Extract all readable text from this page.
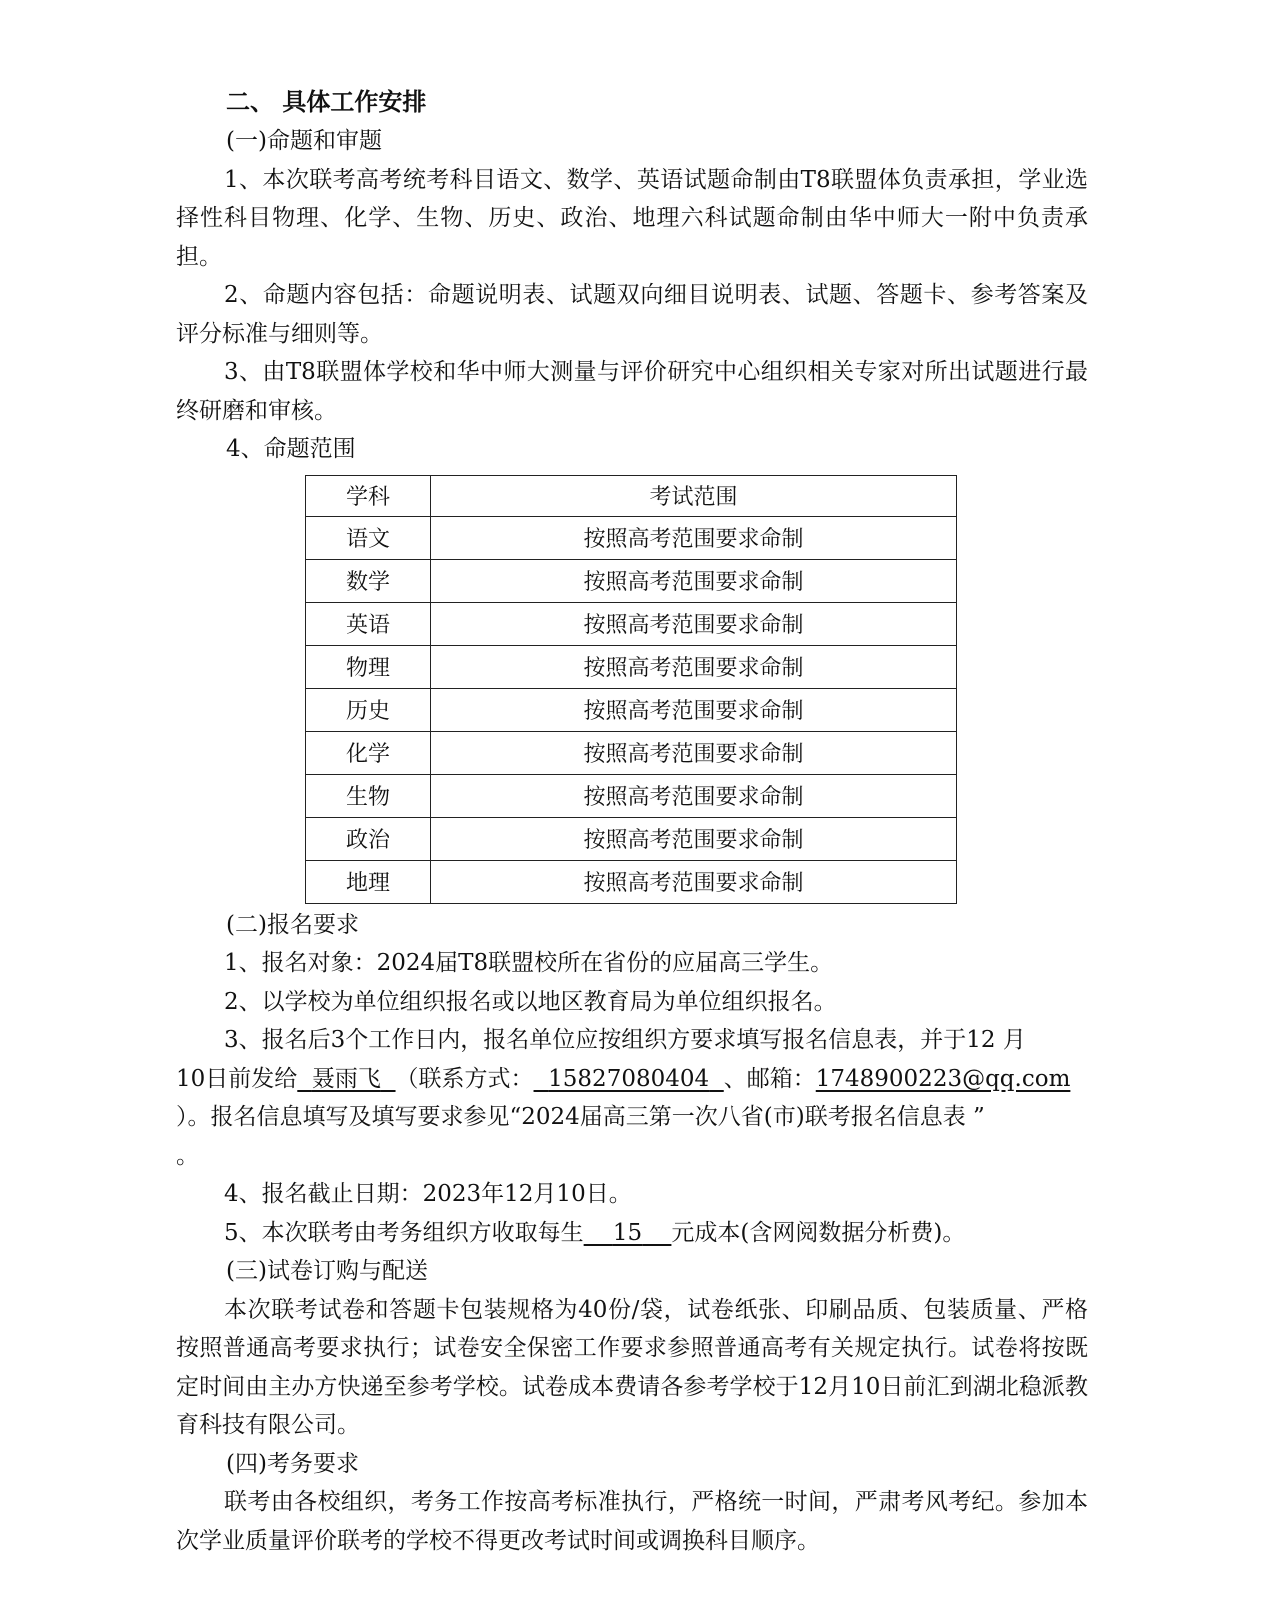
二、 具体工作安排
(一)命题和审题
1、本次联考高考统考科目语文、数学、英语试题命制由T8联盟体负责承担，学业选择性科目物理、化学、生物、历史、政治、地理六科试题命制由华中师大一附中负责承担。
2、命题内容包括：命题说明表、试题双向细目说明表、试题、答题卡、参考答案及评分标准与细则等。
3、由T8联盟体学校和华中师大测量与评价研究中心组织相关专家对所出试题进行最终研磨和审核。
4、命题范围
学科	考试范围
语文	按照高考范围要求命制
数学	按照高考范围要求命制
英语	按照高考范围要求命制
物理	按照高考范围要求命制
历史	按照高考范围要求命制
化学	按照高考范围要求命制
生物	按照高考范围要求命制
政治	按照高考范围要求命制
地理	按照高考范围要求命制
(二)报名要求
1、报名对象：2024届T8联盟校所在省份的应届高三学生。
2、以学校为单位组织报名或以地区教育局为单位组织报名。
3、报名后3个工作日内，报名单位应按组织方要求填写报名信息表，并于12 月
10日前发给 聂雨飞 （联系方式： 15827080404 、邮箱：1748900223@qq.com
）。报名信息填写及填写要求参见“2024届高三第一次八省(市)联考报名信息表 ”
。
4、报名截止日期：2023年12月10日。
5、本次联考由考务组织方收取每生 15 元成本(含网阅数据分析费)。
(三)试卷订购与配送
本次联考试卷和答题卡包装规格为40份/袋，试卷纸张、印刷品质、包装质量、严格按照普通高考要求执行；试卷安全保密工作要求参照普通高考有关规定执行。试卷将按既定时间由主办方快递至参考学校。试卷成本费请各参考学校于12月10日前汇到湖北稳派教育科技有限公司。
(四)考务要求
联考由各校组织，考务工作按高考标准执行，严格统一时间，严肃考风考纪。参加本次学业质量评价联考的学校不得更改考试时间或调换科目顺序。
